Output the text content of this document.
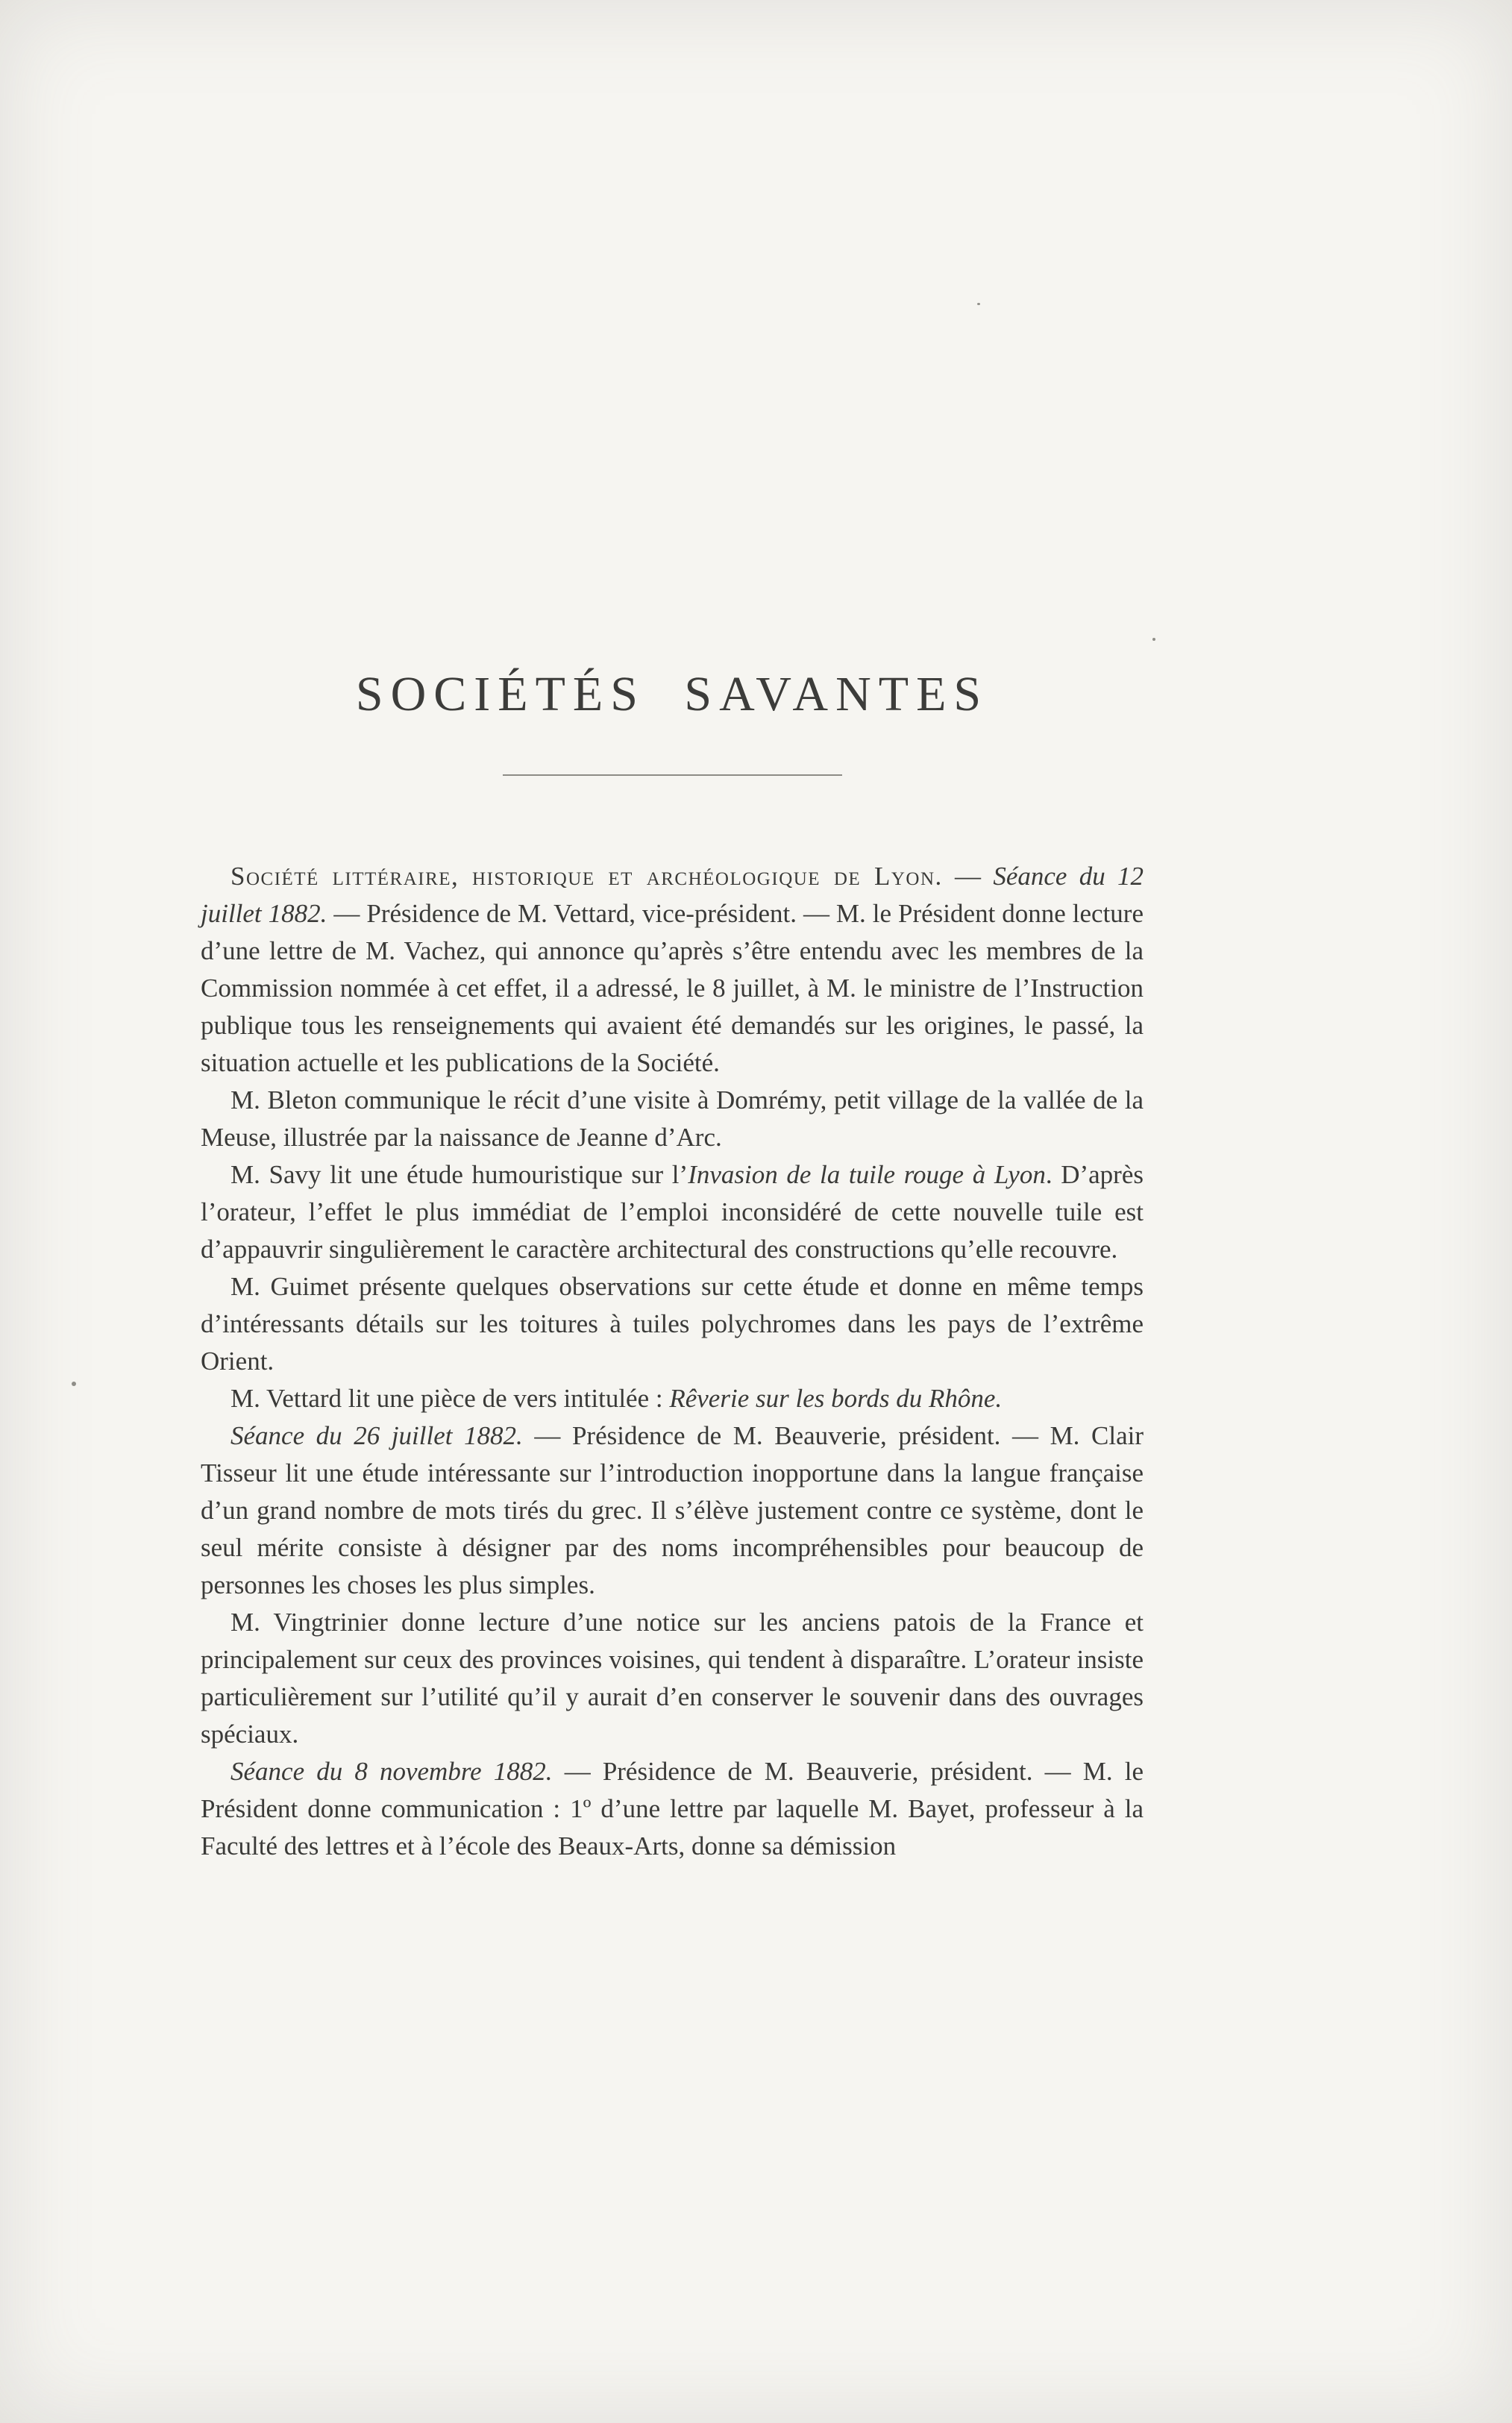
SOCIÉTÉS SAVANTES

Société littéraire, historique et archéologique de Lyon. — Séance du 12 juillet 1882. — Présidence de M. Vettard, vice-président. — M. le Président donne lecture d’une lettre de M. Vachez, qui annonce qu’après s’être entendu avec les membres de la Commission nommée à cet effet, il a adressé, le 8 juillet, à M. le ministre de l’Instruction publique tous les renseignements qui avaient été demandés sur les origines, le passé, la situation actuelle et les publications de la Société.

M. Bleton communique le récit d’une visite à Domrémy, petit village de la vallée de la Meuse, illustrée par la naissance de Jeanne d’Arc.

M. Savy lit une étude humouristique sur l’Invasion de la tuile rouge à Lyon. D’après l’orateur, l’effet le plus immédiat de l’emploi inconsidéré de cette nouvelle tuile est d’appauvrir singulièrement le caractère architectural des constructions qu’elle recouvre.

M. Guimet présente quelques observations sur cette étude et donne en même temps d’intéressants détails sur les toitures à tuiles polychromes dans les pays de l’extrême Orient.

M. Vettard lit une pièce de vers intitulée : Rêverie sur les bords du Rhône.

Séance du 26 juillet 1882. — Présidence de M. Beauverie, président. — M. Clair Tisseur lit une étude intéressante sur l’introduction inopportune dans la langue française d’un grand nombre de mots tirés du grec. Il s’élève justement contre ce système, dont le seul mérite consiste à désigner par des noms incompréhensibles pour beaucoup de personnes les choses les plus simples.

M. Vingtrinier donne lecture d’une notice sur les anciens patois de la France et principalement sur ceux des provinces voisines, qui tendent à disparaître. L’orateur insiste particulièrement sur l’utilité qu’il y aurait d’en conserver le souvenir dans des ouvrages spéciaux.

Séance du 8 novembre 1882. — Présidence de M. Beauverie, président. — M. le Président donne communication : 1º d’une lettre par laquelle M. Bayet, professeur à la Faculté des lettres et à l’école des Beaux-Arts, donne sa démission
